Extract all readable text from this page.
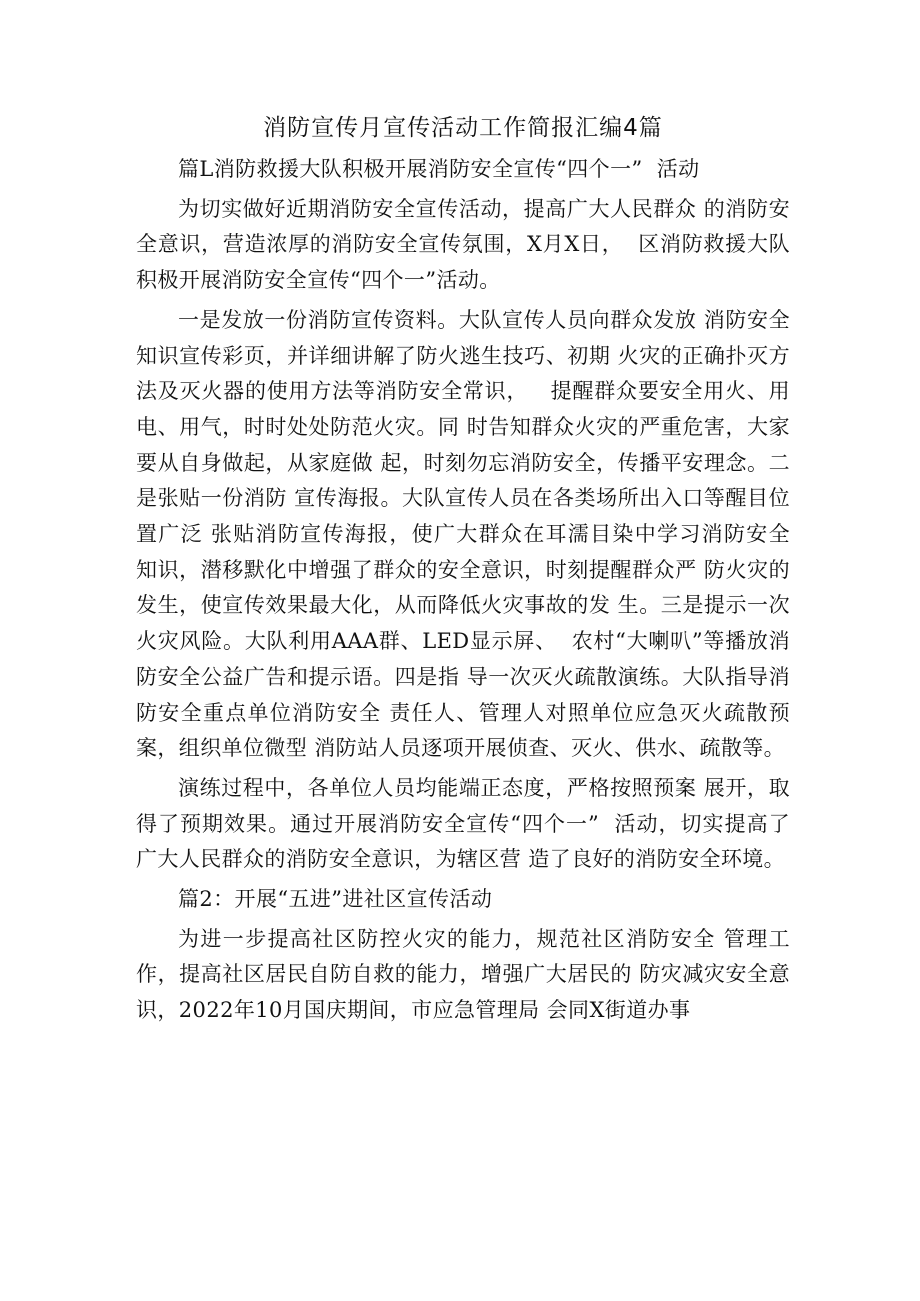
消防宣传月宣传活动工作简报汇编4篇

篇L消防救援大队积极开展消防安全宣传“四个一”  活动

为切实做好近期消防安全宣传活动，提高广大人民群众 的消防安全意识，营造浓厚的消防安全宣传氛围，X月X日，  区消防救援大队积极开展消防安全宣传“四个一”活动。

一是发放一份消防宣传资料。大队宣传人员向群众发放 消防安全知识宣传彩页，并详细讲解了防火逃生技巧、初期 火灾的正确扑灭方法及灭火器的使用方法等消防安全常识，   提醒群众要安全用火、用电、用气，时时处处防范火灾。同 时告知群众火灾的严重危害，大家要从自身做起，从家庭做 起，时刻勿忘消防安全，传播平安理念。二是张贴一份消防 宣传海报。大队宣传人员在各类场所出入口等醒目位置广泛 张贴消防宣传海报，使广大群众在耳濡目染中学习消防安全 知识，潜移默化中增强了群众的安全意识，时刻提醒群众严 防火灾的发生，使宣传效果最大化，从而降低火灾事故的发 生。三是提示一次火灾风险。大队利用AAA群、LED显示屏、  农村“大喇叭”等播放消防安全公益广告和提示语。四是指 导一次灭火疏散演练。大队指导消防安全重点单位消防安全 责任人、管理人对照单位应急灭火疏散预案，组织单位微型 消防站人员逐项开展侦查、灭火、供水、疏散等。

演练过程中，各单位人员均能端正态度，严格按照预案 展开，取得了预期效果。通过开展消防安全宣传“四个一”  活动，切实提高了广大人民群众的消防安全意识，为辖区营 造了良好的消防安全环境。

篇2：开展“五进”进社区宣传活动

为进一步提高社区防控火灾的能力，规范社区消防安全 管理工作，提高社区居民自防自救的能力，增强广大居民的 防灾减灾安全意识，2022年10月国庆期间，市应急管理局 会同X街道办事
